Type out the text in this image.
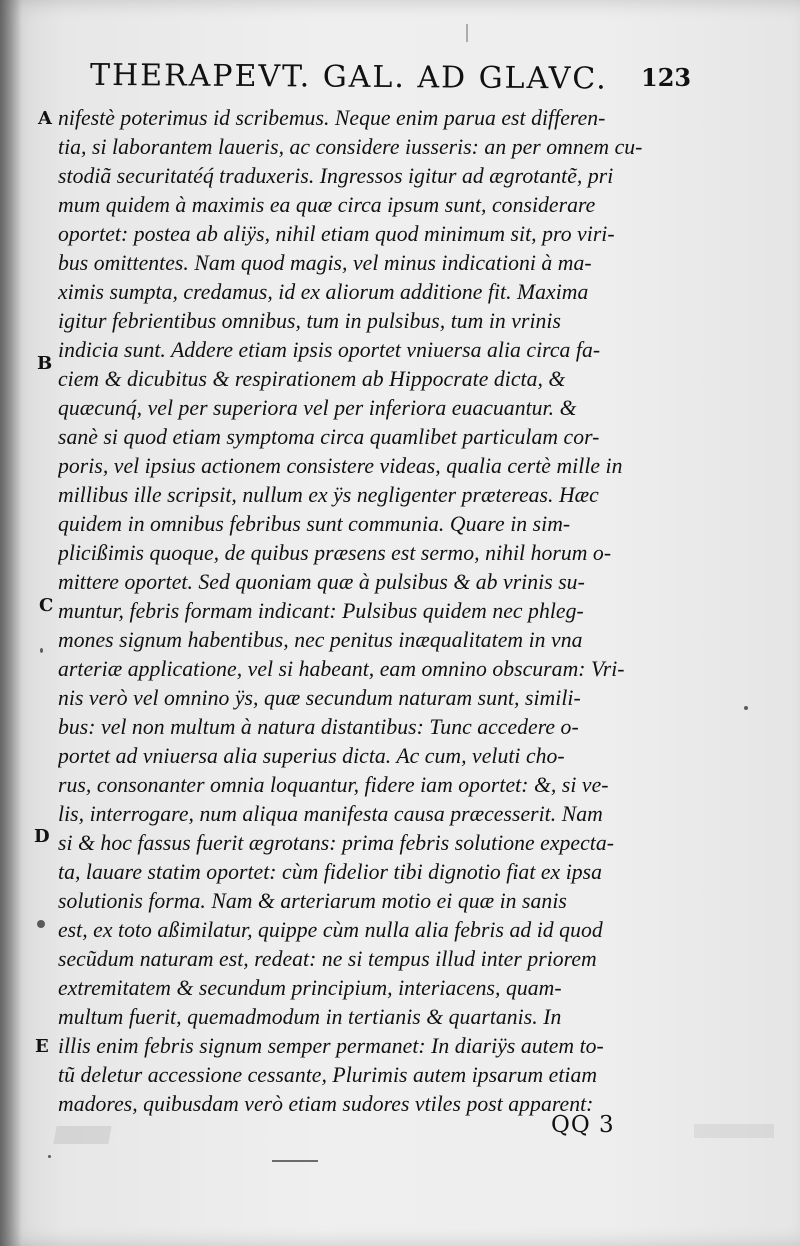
THERAPEVT. GAL. AD GLAVC.	123
A
B
C
D
E
nifestè poterimus id scribemus. Neque enim parua est differen-
tia, si laborantem laueris, ac considere iusseris: an per omnem cu-
stodiã securitatéq́ traduxeris. Ingressos igitur ad ægrotantẽ, pri
mum quidem à maximis ea quæ circa ipsum sunt, considerare
oportet: postea ab aliÿs, nihil etiam quod minimum sit, pro viri-
bus omittentes. Nam quod magis, vel minus indicationi à ma-
ximis sumpta, credamus, id ex aliorum additione fit. Maxima
igitur febrientibus omnibus, tum in pulsibus, tum in vrinis
indicia sunt. Addere etiam ipsis oportet vniuersa alia circa fa-
ciem & dicubitus & respirationem ab Hippocrate dicta, &
quæcunq́, vel per superiora vel per inferiora euacuantur. &
sanè si quod etiam symptoma circa quamlibet particulam cor-
poris, vel ipsius actionem consistere videas, qualia certè mille in
millibus ille scripsit, nullum ex ÿs negligenter prætereas. Hæc
quidem in omnibus febribus sunt communia. Quare in sim-
plicißimis quoque, de quibus præsens est sermo, nihil horum o-
mittere oportet. Sed quoniam quæ à pulsibus & ab vrinis su-
muntur, febris formam indicant: Pulsibus quidem nec phleg-
mones signum habentibus, nec penitus inæqualitatem in vna
arteriæ applicatione, vel si habeant, eam omnino obscuram: Vri-
nis verò vel omnino ÿs, quæ secundum naturam sunt, simili-
bus: vel non multum à natura distantibus: Tunc accedere o-
portet ad vniuersa alia superius dicta. Ac cum, veluti cho-
rus, consonanter omnia loquantur, fidere iam oportet: &, si ve-
lis, interrogare, num aliqua manifesta causa præcesserit. Nam
si & hoc fassus fuerit ægrotans: prima febris solutione expecta-
ta, lauare statim oportet: cùm fidelior tibi dignotio fiat ex ipsa
solutionis forma. Nam & arteriarum motio ei quæ in sanis
est, ex toto aßimilatur, quippe cùm nulla alia febris ad id quod
secũdum naturam est, redeat: ne si tempus illud inter priorem
extremitatem & secundum principium, interiacens, quam-
multum fuerit, quemadmodum in tertianis & quartanis. In
illis enim febris signum semper permanet: In diariÿs autem to-
tũ deletur accessione cessante, Plurimis autem ipsarum etiam
madores, quibusdam verò etiam sudores vtiles post apparent:
QQ 3
